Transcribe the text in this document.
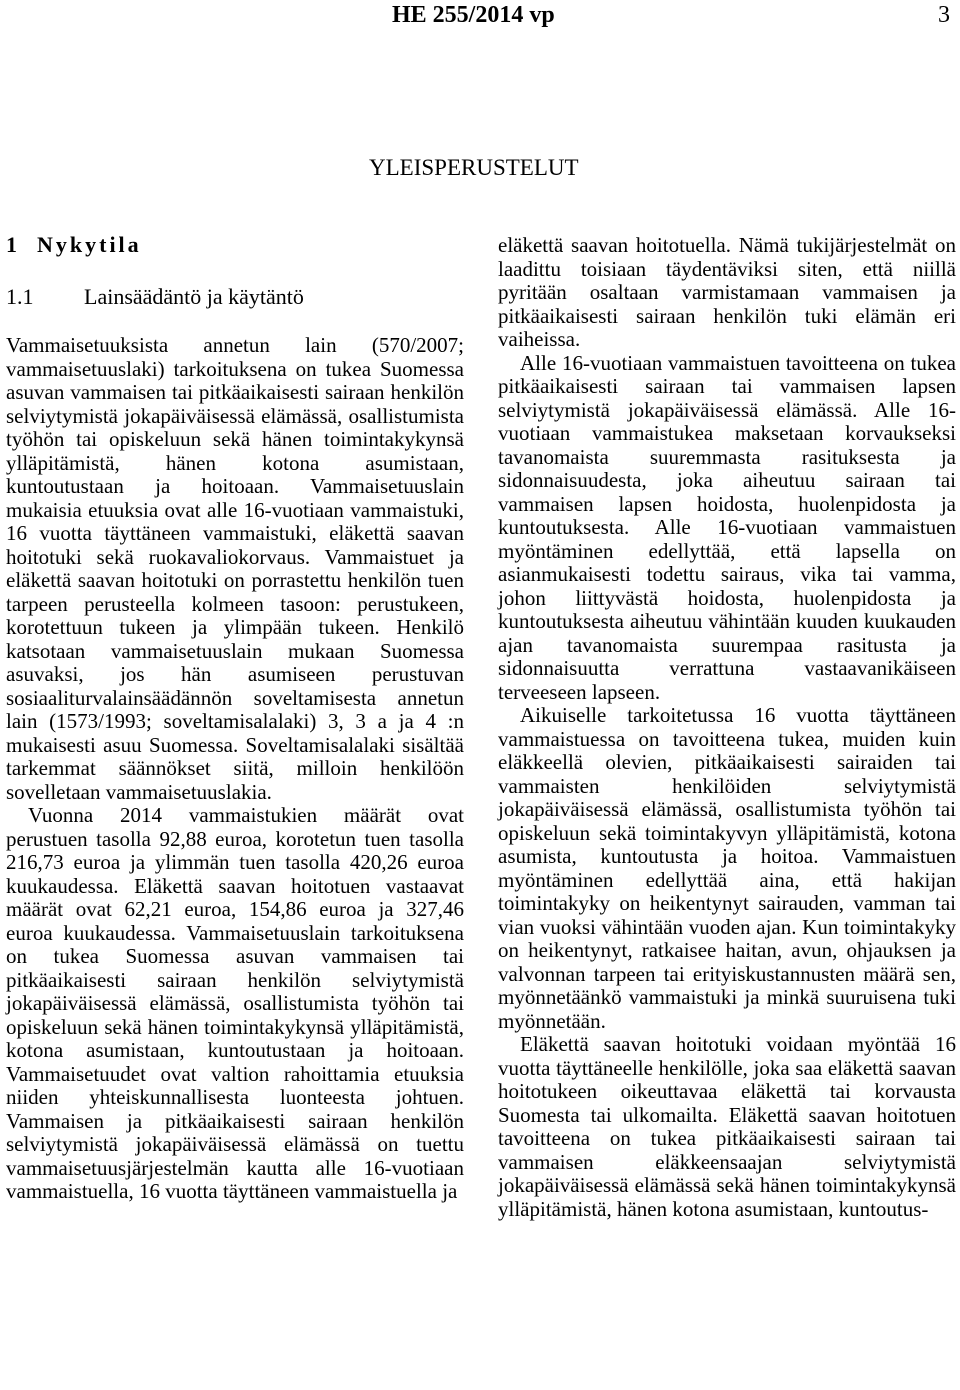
HE 255/2014 vp	3
YLEISPERUSTELUT
1 Nykytila
1.1 Lainsäädäntö ja käytäntö

Vammaisetuuksista annetun lain (570/2007; vammaisetuuslaki) tarkoituksena on tukea Suomessa asuvan vammaisen tai pitkäaikaisesti sairaan henkilön selviytymistä jokapäiväisessä elämässä, osallistumista työhön tai opiskeluun sekä hänen toimintakykynsä ylläpitämistä, hänen kotona asumistaan, kuntoutustaan ja hoitoaan. Vammaisetuuslain mukaisia etuuksia ovat alle 16-vuotiaan vammaistuki, 16 vuotta täyttäneen vammaistuki, eläkettä saavan hoitotuki sekä ruokavaliokorvaus. Vammaistuet ja eläkettä saavan hoitotuki on porrastettu henkilön tuen tarpeen perusteella kolmeen tasoon: perustukeen, korotettuun tukeen ja ylimpään tukeen. Henkilö katsotaan vammaisetuuslain mukaan Suomessa asuvaksi, jos hän asumiseen perustuvan sosiaaliturvalainsäädännön soveltamisesta annetun lain (1573/1993; soveltamisalalaki) 3, 3 a ja 4 :n mukaisesti asuu Suomessa. Soveltamisalalaki sisältää tarkemmat säännökset siitä, milloin henkilöön sovelletaan vammaisetuuslakia.

Vuonna 2014 vammaistukien määrät ovat perustuen tasolla 92,88 euroa, korotetun tuen tasolla 216,73 euroa ja ylimmän tuen tasolla 420,26 euroa kuukaudessa. Eläkettä saavan hoitotuen vastaavat määrät ovat 62,21 euroa, 154,86 euroa ja 327,46 euroa kuukaudessa. Vammaisetuuslain tarkoituksena on tukea Suomessa asuvan vammaisen tai pitkäaikaisesti sairaan henkilön selviytymistä jokapäiväisessä elämässä, osallistumista työhön tai opiskeluun sekä hänen toimintakykynsä ylläpitämistä, kotona asumistaan, kuntoutustaan ja hoitoaan. Vammaisetuudet ovat valtion rahoittamia etuuksia niiden yhteiskunnallisesta luonteesta johtuen. Vammaisen ja pitkäaikaisesti sairaan henkilön selviytymistä jokapäiväisessä elämässä on tuettu vammaisetuusjärjestelmän kautta alle 16-vuotiaan vammaistuella, 16 vuotta täyttäneen vammaistuella ja

eläkettä saavan hoitotuella. Nämä tukijärjestelmät on laadittu toisiaan täydentäviksi siten, että niillä pyritään osaltaan varmistamaan vammaisen ja pitkäaikaisesti sairaan henkilön tuki elämän eri vaiheissa.

Alle 16-vuotiaan vammaistuen tavoitteena on tukea pitkäaikaisesti sairaan tai vammaisen lapsen selviytymistä jokapäiväisessä elämässä. Alle 16-vuotiaan vammaistukea maksetaan korvaukseksi tavanomaista suuremmasta rasituksesta ja sidonnaisuudesta, joka aiheutuu sairaan tai vammaisen lapsen hoidosta, huolenpidosta ja kuntoutuksesta. Alle 16-vuotiaan vammaistuen myöntäminen edellyttää, että lapsella on asianmukaisesti todettu sairaus, vika tai vamma, johon liittyvästä hoidosta, huolenpidosta ja kuntoutuksesta aiheutuu vähintään kuuden kuukauden ajan tavanomaista suurempaa rasitusta ja sidonnaisuutta verrattuna vastaavanikäiseen terveeseen lapseen.

Aikuiselle tarkoitetussa 16 vuotta täyttäneen vammaistuessa on tavoitteena tukea, muiden kuin eläkkeellä olevien, pitkäaikaisesti sairaiden tai vammaisten henkilöiden selviytymistä jokapäiväisessä elämässä, osallistumista työhön tai opiskeluun sekä toimintakyvyn ylläpitämistä, kotona asumista, kuntoutusta ja hoitoa. Vammaistuen myöntäminen edellyttää aina, että hakijan toimintakyky on heikentynyt sairauden, vamman tai vian vuoksi vähintään vuoden ajan. Kun toimintakyky on heikentynyt, ratkaisee haitan, avun, ohjauksen ja valvonnan tarpeen tai erityiskustannusten määrä sen, myönnetäänkö vammaistuki ja minkä suuruisena tuki myönnetään.

Eläkettä saavan hoitotuki voidaan myöntää 16 vuotta täyttäneelle henkilölle, joka saa eläkettä saavan hoitotukeen oikeuttavaa eläkettä tai korvausta Suomesta tai ulkomailta. Eläkettä saavan hoitotuen tavoitteena on tukea pitkäaikaisesti sairaan tai vammaisen eläkkeensaajan selviytymistä jokapäiväisessä elämässä sekä hänen toimintakykynsä ylläpitämistä, hänen kotona asumistaan, kuntoutus-
